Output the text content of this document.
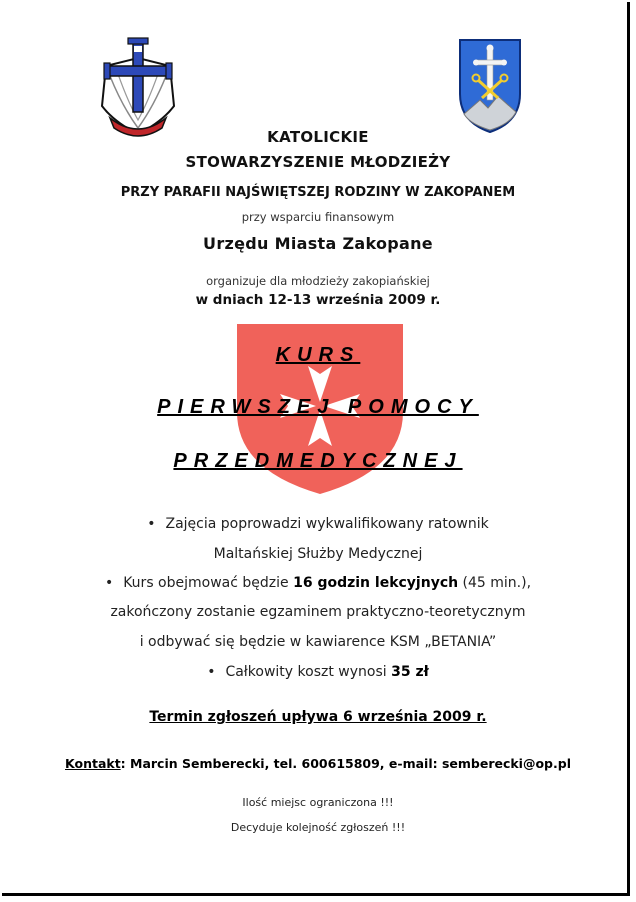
KATOLICKIE
STOWARZYSZENIE MŁODZIEŻY
PRZY PARAFII NAJŚWIĘTSZEJ RODZINY W ZAKOPANEM
przy wsparciu finansowym
Urzędu Miasta Zakopane
organizuje dla młodzieży zakopiańskiej
w dniach 12-13 września 2009 r.
KURS
PIERWSZEJ POMOCY
PRZEDMEDYCZNEJ
• Zajęcia poprowadzi wykwalifikowany ratownik
Maltańskiej Służby Medycznej
• Kurs obejmować będzie 16 godzin lekcyjnych (45 min.),
zakończony zostanie egzaminem praktyczno-teoretycznym
i odbywać się będzie w kawiarence KSM „BETANIA”
• Całkowity koszt wynosi 35 zł
Termin zgłoszeń upływa 6 września 2009 r.
Kontakt: Marcin Semberecki, tel. 600615809, e-mail: semberecki@op.pl
Ilość miejsc ograniczona !!!
Decyduje kolejność zgłoszeń !!!
